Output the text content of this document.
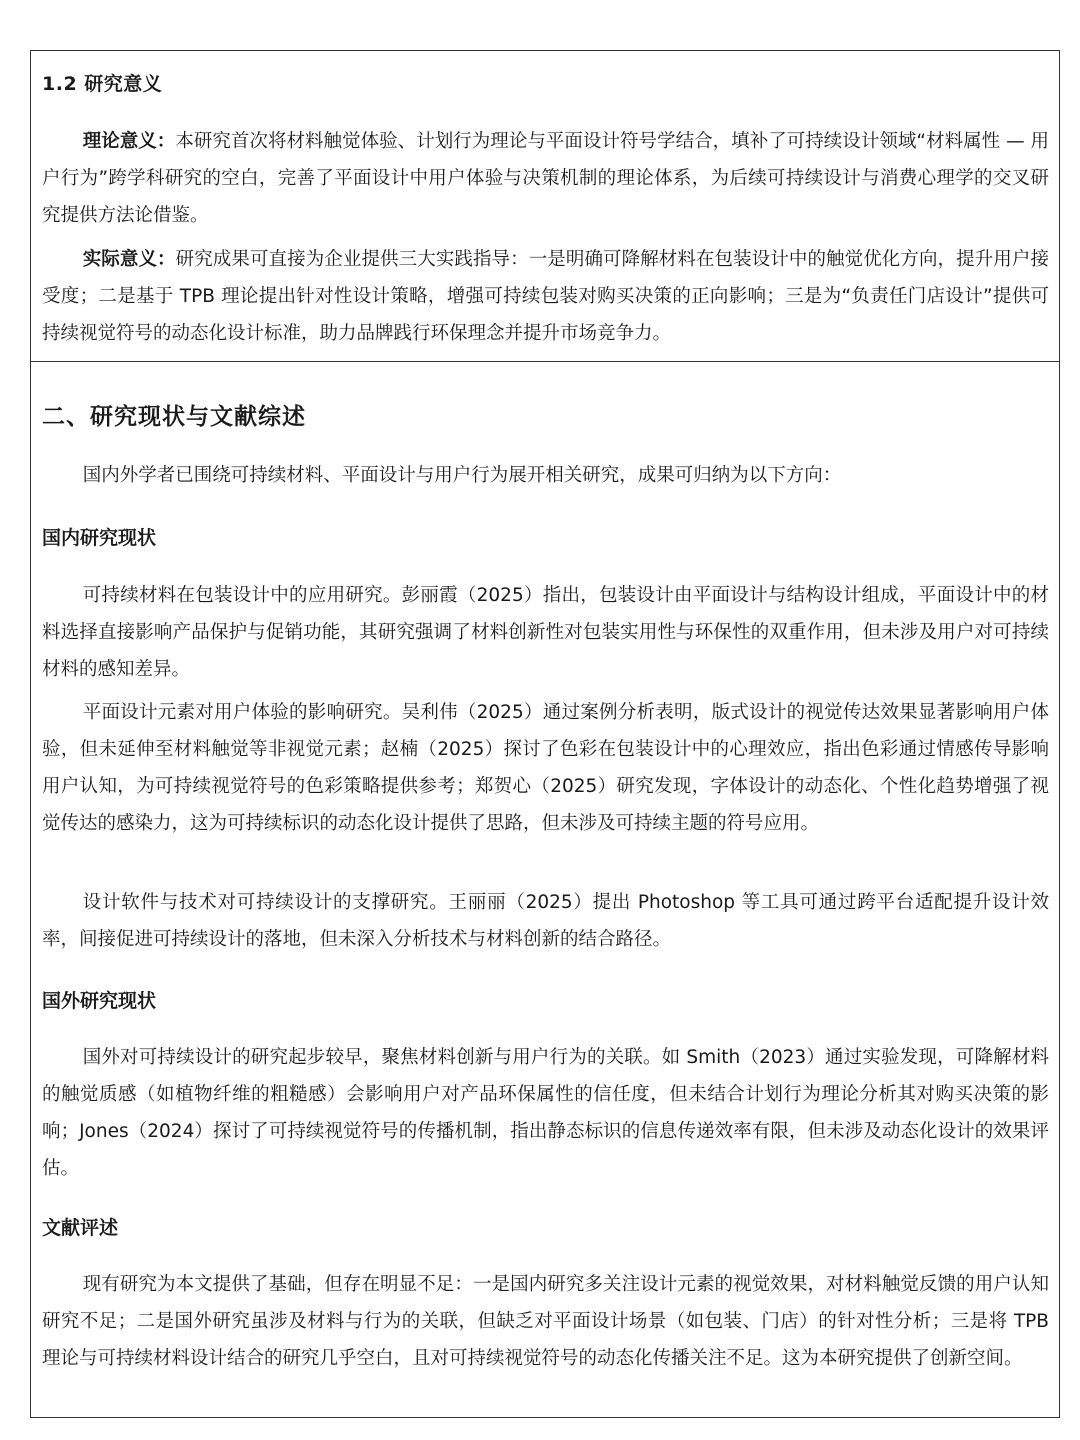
1.2 研究意义

理论意义：本研究首次将材料触觉体验、计划行为理论与平面设计符号学结合，填补了可持续设计领域“材料属性 — 用户行为”跨学科研究的空白，完善了平面设计中用户体验与决策机制的理论体系，为后续可持续设计与消费心理学的交叉研究提供方法论借鉴。

实际意义：研究成果可直接为企业提供三大实践指导：一是明确可降解材料在包装设计中的触觉优化方向，提升用户接受度；二是基于 TPB 理论提出针对性设计策略，增强可持续包装对购买决策的正向影响；三是为“负责任门店设计”提供可持续视觉符号的动态化设计标准，助力品牌践行环保理念并提升市场竞争力。

二、研究现状与文献综述

国内外学者已围绕可持续材料、平面设计与用户行为展开相关研究，成果可归纳为以下方向：

国内研究现状

可持续材料在包装设计中的应用研究。彭丽霞（2025）指出，包装设计由平面设计与结构设计组成，平面设计中的材料选择直接影响产品保护与促销功能，其研究强调了材料创新性对包装实用性与环保性的双重作用，但未涉及用户对可持续材料的感知差异。

平面设计元素对用户体验的影响研究。吴利伟（2025）通过案例分析表明，版式设计的视觉传达效果显著影响用户体验，但未延伸至材料触觉等非视觉元素；赵楠（2025）探讨了色彩在包装设计中的心理效应，指出色彩通过情感传导影响用户认知，为可持续视觉符号的色彩策略提供参考；郑贺心（2025）研究发现，字体设计的动态化、个性化趋势增强了视觉传达的感染力，这为可持续标识的动态化设计提供了思路，但未涉及可持续主题的符号应用。

设计软件与技术对可持续设计的支撑研究。王丽丽（2025）提出 Photoshop 等工具可通过跨平台适配提升设计效率，间接促进可持续设计的落地，但未深入分析技术与材料创新的结合路径。

国外研究现状

国外对可持续设计的研究起步较早，聚焦材料创新与用户行为的关联。如 Smith（2023）通过实验发现，可降解材料的触觉质感（如植物纤维的粗糙感）会影响用户对产品环保属性的信任度，但未结合计划行为理论分析其对购买决策的影响；Jones（2024）探讨了可持续视觉符号的传播机制，指出静态标识的信息传递效率有限，但未涉及动态化设计的效果评估。

文献评述

现有研究为本文提供了基础，但存在明显不足：一是国内研究多关注设计元素的视觉效果，对材料触觉反馈的用户认知研究不足；二是国外研究虽涉及材料与行为的关联，但缺乏对平面设计场景（如包装、门店）的针对性分析；三是将 TPB 理论与可持续材料设计结合的研究几乎空白，且对可持续视觉符号的动态化传播关注不足。这为本研究提供了创新空间。
